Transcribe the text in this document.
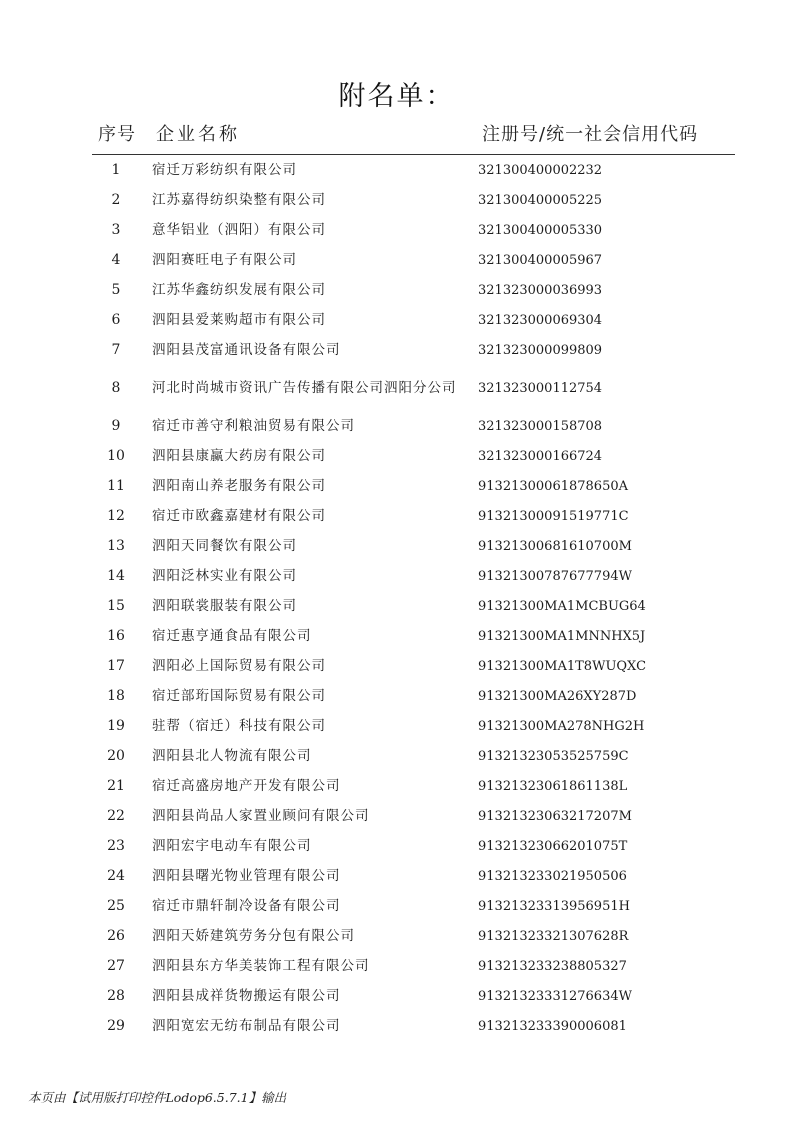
附名单：
序号 企业名称	注册号/统一社会信用代码
1	宿迁万彩纺织有限公司	321300400002232
2	江苏嘉得纺织染整有限公司	321300400005225
3	意华铝业（泗阳）有限公司	321300400005330
4	泗阳赛旺电子有限公司	321300400005967
5	江苏华鑫纺织发展有限公司	321323000036993
6	泗阳县爱莱购超市有限公司	321323000069304
7	泗阳县茂富通讯设备有限公司	321323000099809
8	河北时尚城市资讯广告传播有限公司泗阳分公司	321323000112754
9	宿迁市善守利粮油贸易有限公司	321323000158708
10	泗阳县康赢大药房有限公司	321323000166724
11	泗阳南山养老服务有限公司	91321300061878650A
12	宿迁市欧鑫嘉建材有限公司	91321300091519771C
13	泗阳天同餐饮有限公司	91321300681610700M
14	泗阳泛林实业有限公司	91321300787677794W
15	泗阳联裳服装有限公司	91321300MA1MCBUG64
16	宿迁惠亨通食品有限公司	91321300MA1MNNHX5J
17	泗阳必上国际贸易有限公司	91321300MA1T8WUQXC
18	宿迁部珩国际贸易有限公司	91321300MA26XY287D
19	驻帮（宿迁）科技有限公司	91321300MA278NHG2H
20	泗阳县北人物流有限公司	91321323053525759C
21	宿迁高盛房地产开发有限公司	91321323061861138L
22	泗阳县尚品人家置业顾问有限公司	91321323063217207M
23	泗阳宏宇电动车有限公司	91321323066201075T
24	泗阳县曙光物业管理有限公司	913213233021950506
25	宿迁市鼎轩制冷设备有限公司	91321323313956951H
26	泗阳天娇建筑劳务分包有限公司	91321323321307628R
27	泗阳县东方华美装饰工程有限公司	913213233238805327
28	泗阳县成祥货物搬运有限公司	91321323331276634W
29	泗阳宽宏无纺布制品有限公司	913213233390006081
本页由【试用版打印控件Lodop6.5.7.1】输出
